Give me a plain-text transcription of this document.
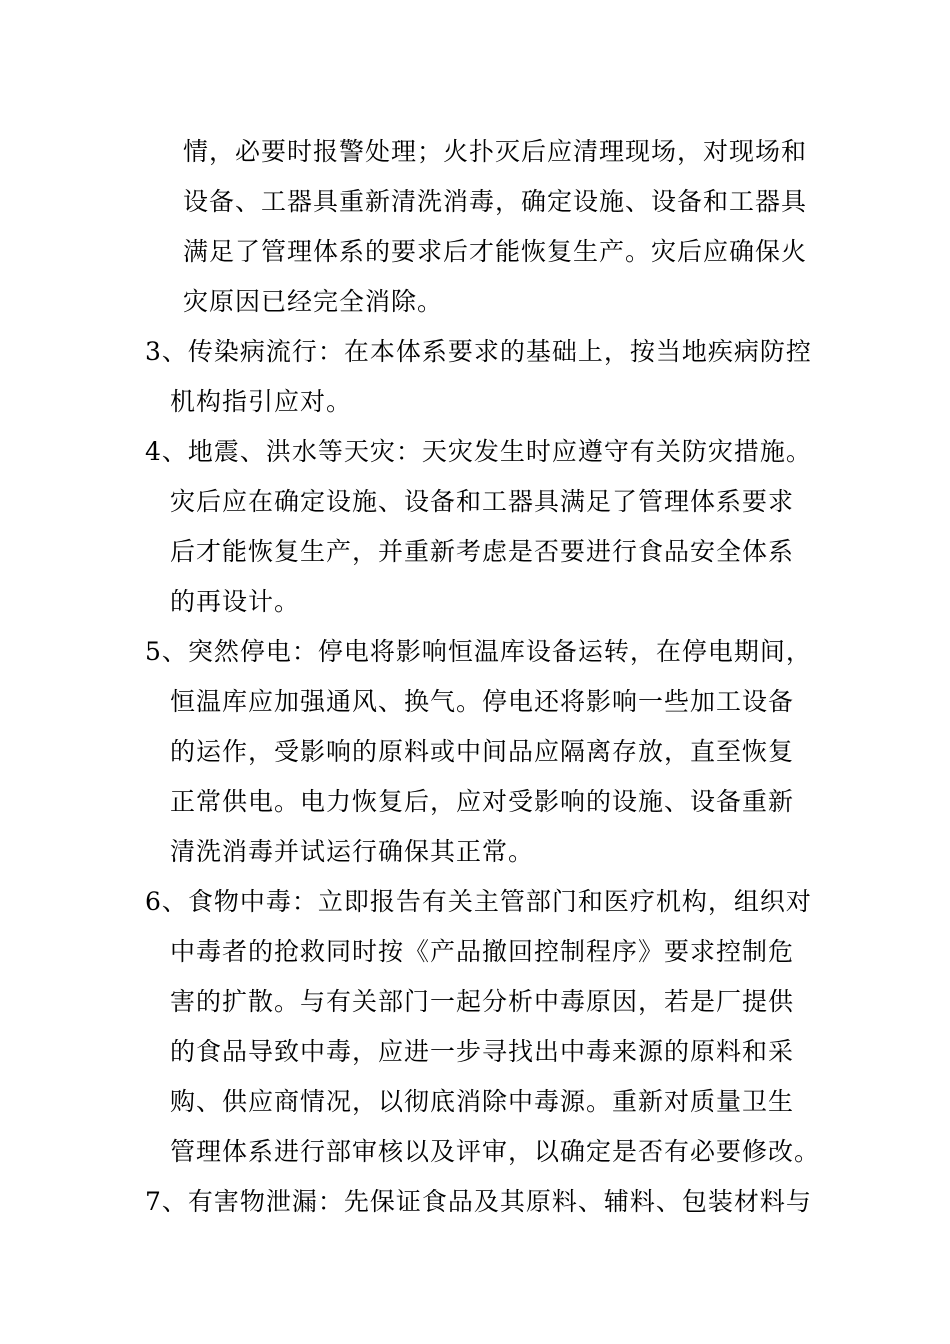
情，必要时报警处理；火扑灭后应清理现场，对现场和
设备、工器具重新清洗消毒，确定设施、设备和工器具
满足了管理体系的要求后才能恢复生产。灾后应确保火
灾原因已经完全消除。
3、传染病流行：在本体系要求的基础上，按当地疾病防控
机构指引应对。
4、地震、洪水等天灾：天灾发生时应遵守有关防灾措施。
灾后应在确定设施、设备和工器具满足了管理体系要求
后才能恢复生产，并重新考虑是否要进行食品安全体系
的再设计。
5、突然停电：停电将影响恒温库设备运转，在停电期间，
恒温库应加强通风、换气。停电还将影响一些加工设备
的运作，受影响的原料或中间品应隔离存放，直至恢复
正常供电。电力恢复后，应对受影响的设施、设备重新
清洗消毒并试运行确保其正常。
6、食物中毒：立即报告有关主管部门和医疗机构，组织对
中毒者的抢救同时按《产品撤回控制程序》要求控制危
害的扩散。与有关部门一起分析中毒原因，若是厂提供
的食品导致中毒，应进一步寻找出中毒来源的原料和采
购、供应商情况，以彻底消除中毒源。重新对质量卫生
管理体系进行部审核以及评审，以确定是否有必要修改。
7、有害物泄漏：先保证食品及其原料、辅料、包装材料与
